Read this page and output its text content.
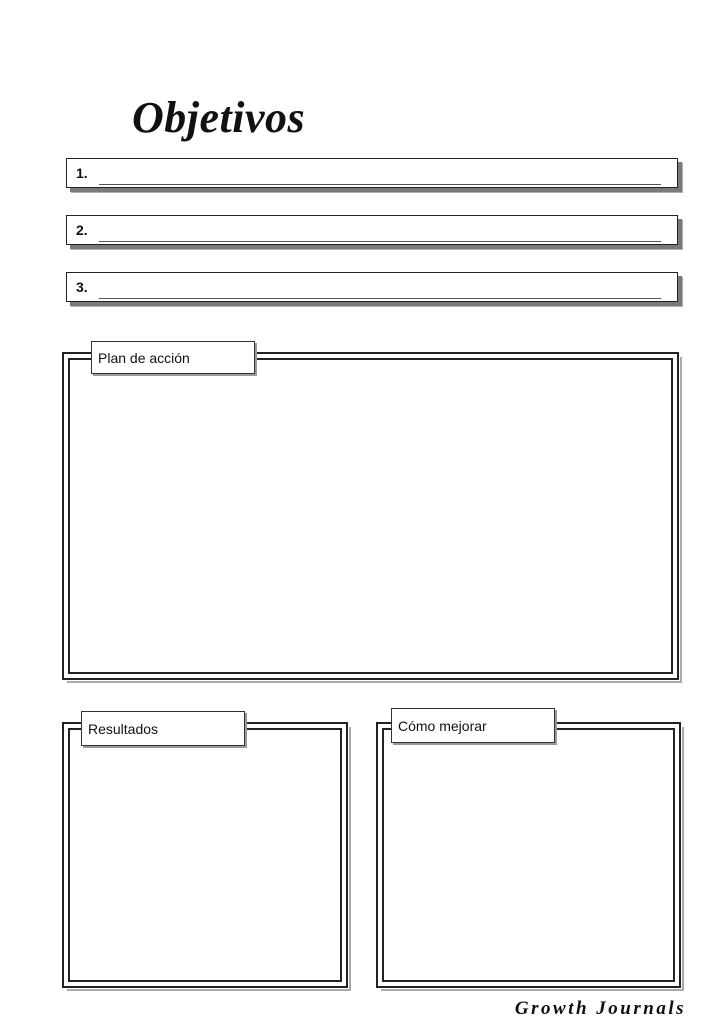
Objetivos
1.
2.
3.
Plan de acción
Resultados	Cómo mejorar
Growth Journals
